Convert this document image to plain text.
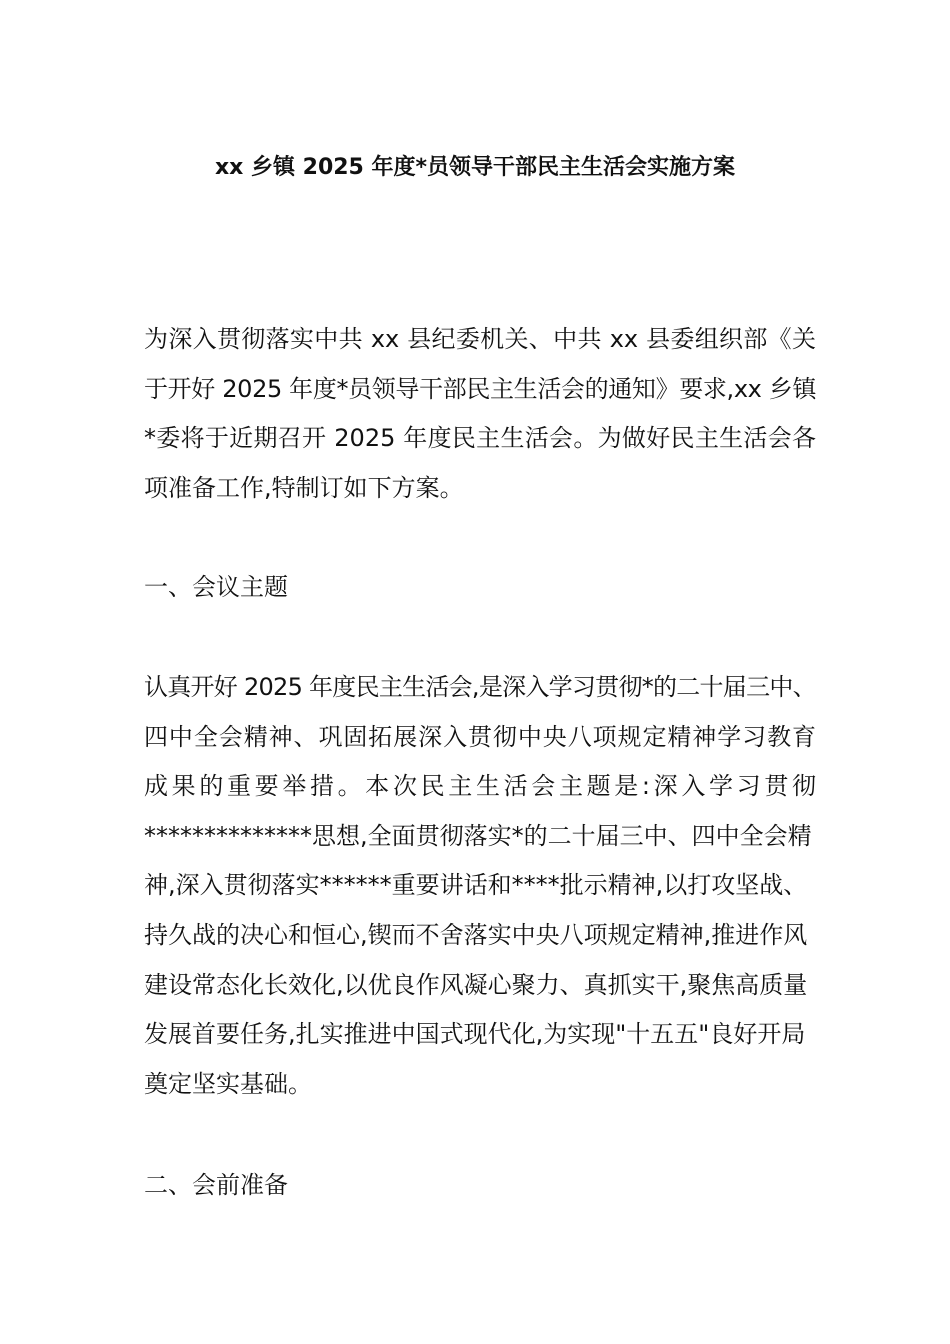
xx 乡镇 2025 年度*员领导干部民主生活会实施方案
为深入贯彻落实中共 xx 县纪委机关、中共 xx 县委组织部《关
于开好 2025 年度*员领导干部民主生活会的通知》要求,xx 乡镇
*委将于近期召开 2025 年度民主生活会。为做好民主生活会各
项准备工作,特制订如下方案。
一、会议主题
认真开好 2025 年度民主生活会,是深入学习贯彻*的二十届三中、
四中全会精神、巩固拓展深入贯彻中央八项规定精神学习教育
成果的重要举措。本次民主生活会主题是:深入学习贯彻
**************思想,全面贯彻落实*的二十届三中、四中全会精
神,深入贯彻落实******重要讲话和****批示精神,以打攻坚战、
持久战的决心和恒心,锲而不舍落实中央八项规定精神,推进作风
建设常态化长效化,以优良作风凝心聚力、真抓实干,聚焦高质量
发展首要任务,扎实推进中国式现代化,为实现"十五五"良好开局
奠定坚实基础。
二、会前准备
